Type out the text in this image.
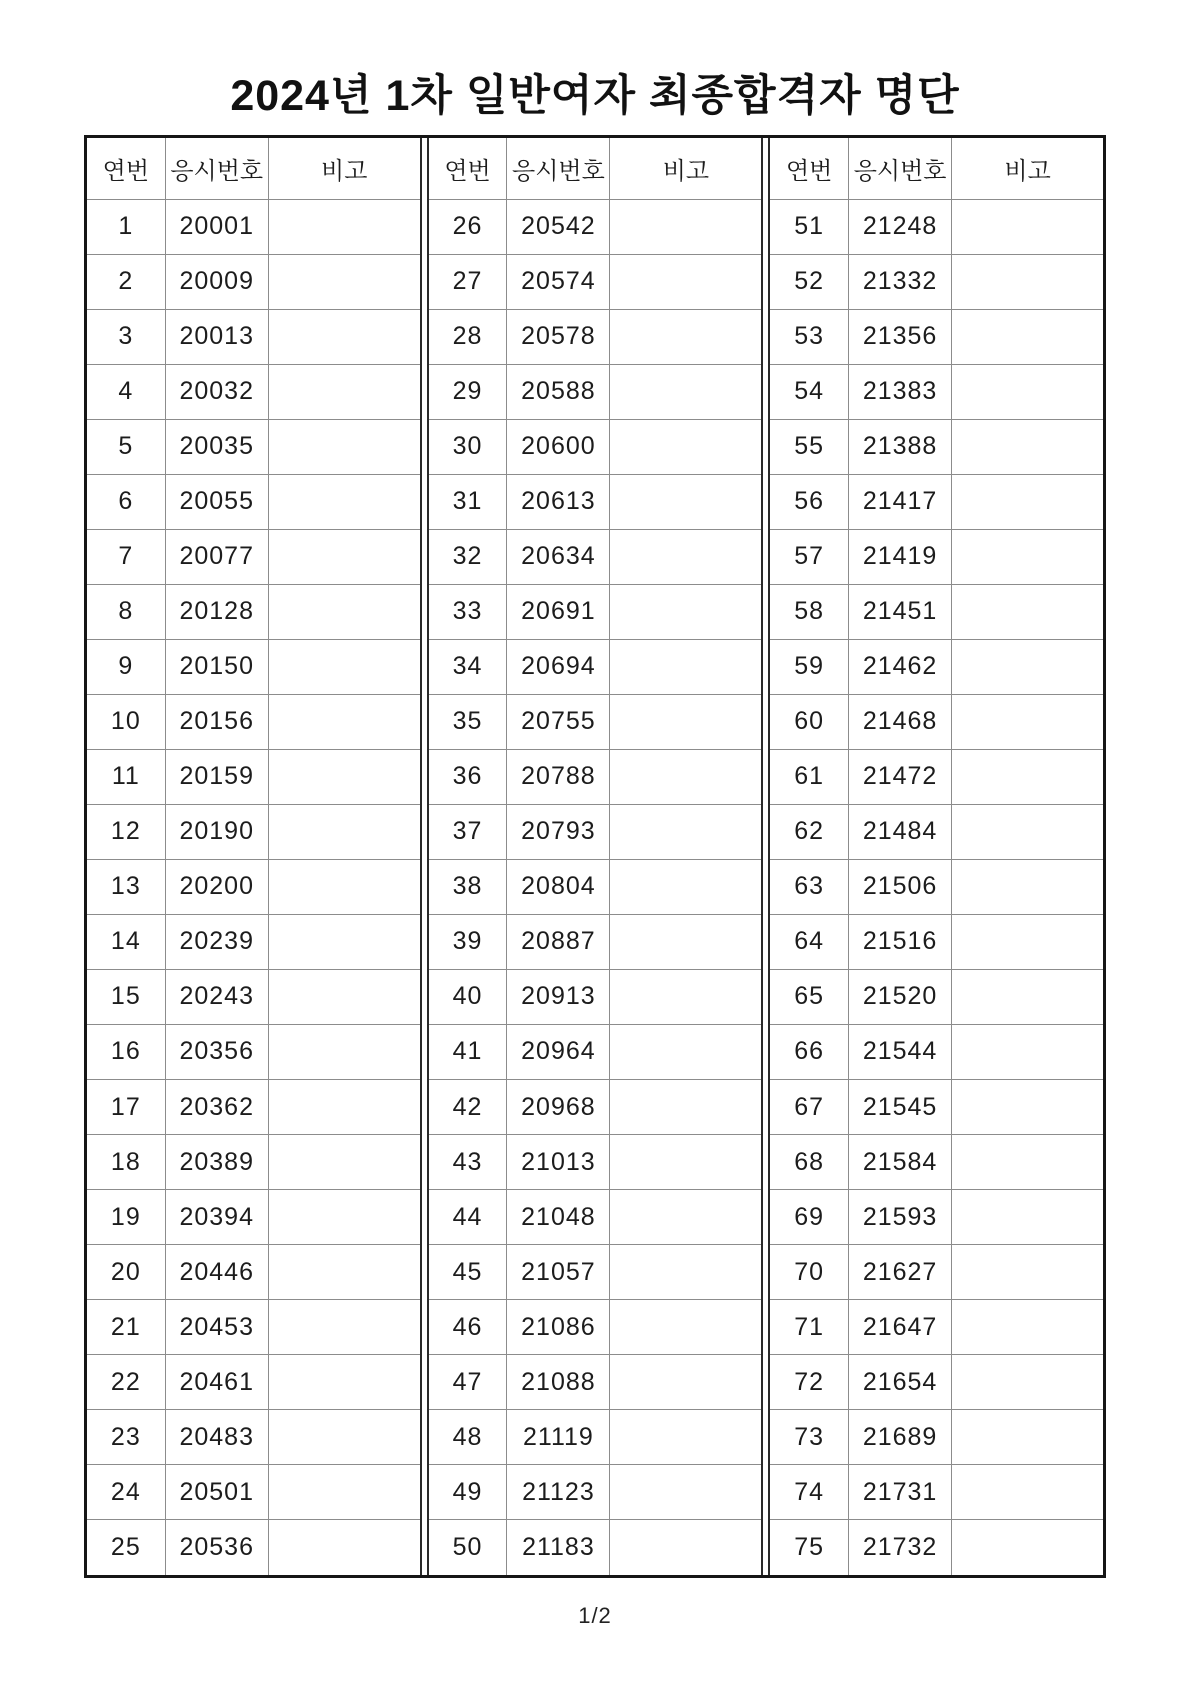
2024년 1차 일반여자 최종합격자 명단
연번	응시번호	비고
1	20001	
2	20009	
3	20013	
4	20032	
5	20035	
6	20055	
7	20077	
8	20128	
9	20150	
10	20156	
11	20159	
12	20190	
13	20200	
14	20239	
15	20243	
16	20356	
17	20362	
18	20389	
19	20394	
20	20446	
21	20453	
22	20461	
23	20483	
24	20501	
25	20536	
연번	응시번호	비고
26	20542	
27	20574	
28	20578	
29	20588	
30	20600	
31	20613	
32	20634	
33	20691	
34	20694	
35	20755	
36	20788	
37	20793	
38	20804	
39	20887	
40	20913	
41	20964	
42	20968	
43	21013	
44	21048	
45	21057	
46	21086	
47	21088	
48	21119	
49	21123	
50	21183	
연번	응시번호	비고
51	21248	
52	21332	
53	21356	
54	21383	
55	21388	
56	21417	
57	21419	
58	21451	
59	21462	
60	21468	
61	21472	
62	21484	
63	21506	
64	21516	
65	21520	
66	21544	
67	21545	
68	21584	
69	21593	
70	21627	
71	21647	
72	21654	
73	21689	
74	21731	
75	21732	
1/2
